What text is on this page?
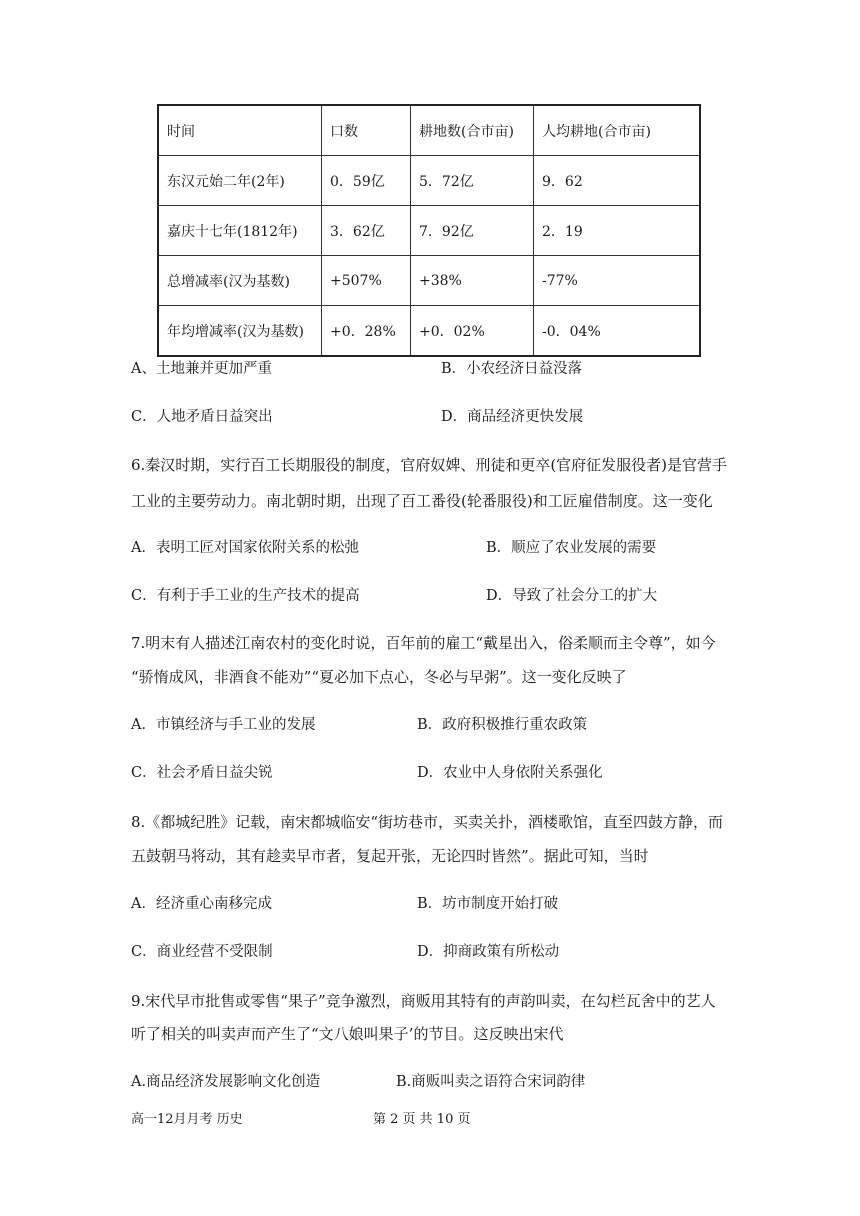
时间	口数	耕地数(合市亩)	人均耕地(合市亩)
东汉元始二年(2年)	0．59亿	5．72亿	9．62
嘉庆十七年(1812年)	3．62亿	7．92亿	2．19
总增减率(汉为基数)	+507%	+38%	-77%
年均增减率(汉为基数)	+0．28%	+0．02%	-0．04%
A、土地兼并更加严重	B．小农经济日益没落
C．人地矛盾日益突出	D．商品经济更快发展
6.秦汉时期，实行百工长期服役的制度，官府奴婢、刑徒和更卒(官府征发服役者)是官营手
工业的主要劳动力。南北朝时期，出现了百工番役(轮番服役)和工匠雇借制度。这一变化
A．表明工匠对国家依附关系的松弛	B．顺应了农业发展的需要
C．有利于手工业的生产技术的提高	D．导致了社会分工的扩大
7.明末有人描述江南农村的变化时说，百年前的雇工“戴星出入，俗柔顺而主令尊”，如今
“骄惰成风，非酒食不能劝”“夏必加下点心，冬必与早粥”。这一变化反映了
A．市镇经济与手工业的发展	B．政府积极推行重农政策
C．社会矛盾日益尖锐	D．农业中人身依附关系强化
8.《都城纪胜》记载，南宋都城临安“街坊巷市，买卖关扑，酒楼歌馆，直至四鼓方静，而
五鼓朝马将动，其有趁卖早市者，复起开张，无论四时皆然”。据此可知，当时
A．经济重心南移完成	B．坊市制度开始打破
C．商业经营不受限制	D．抑商政策有所松动
9.宋代早市批售或零售“果子”竞争激烈，商贩用其特有的声韵叫卖，在勾栏瓦舍中的艺人
听了相关的叫卖声而产生了“文八娘叫果子’的节目。这反映出宋代
A.商品经济发展影响文化创造	B.商贩叫卖之语符合宋词韵律
高一12月月考 历史	第 2 页 共 10 页
